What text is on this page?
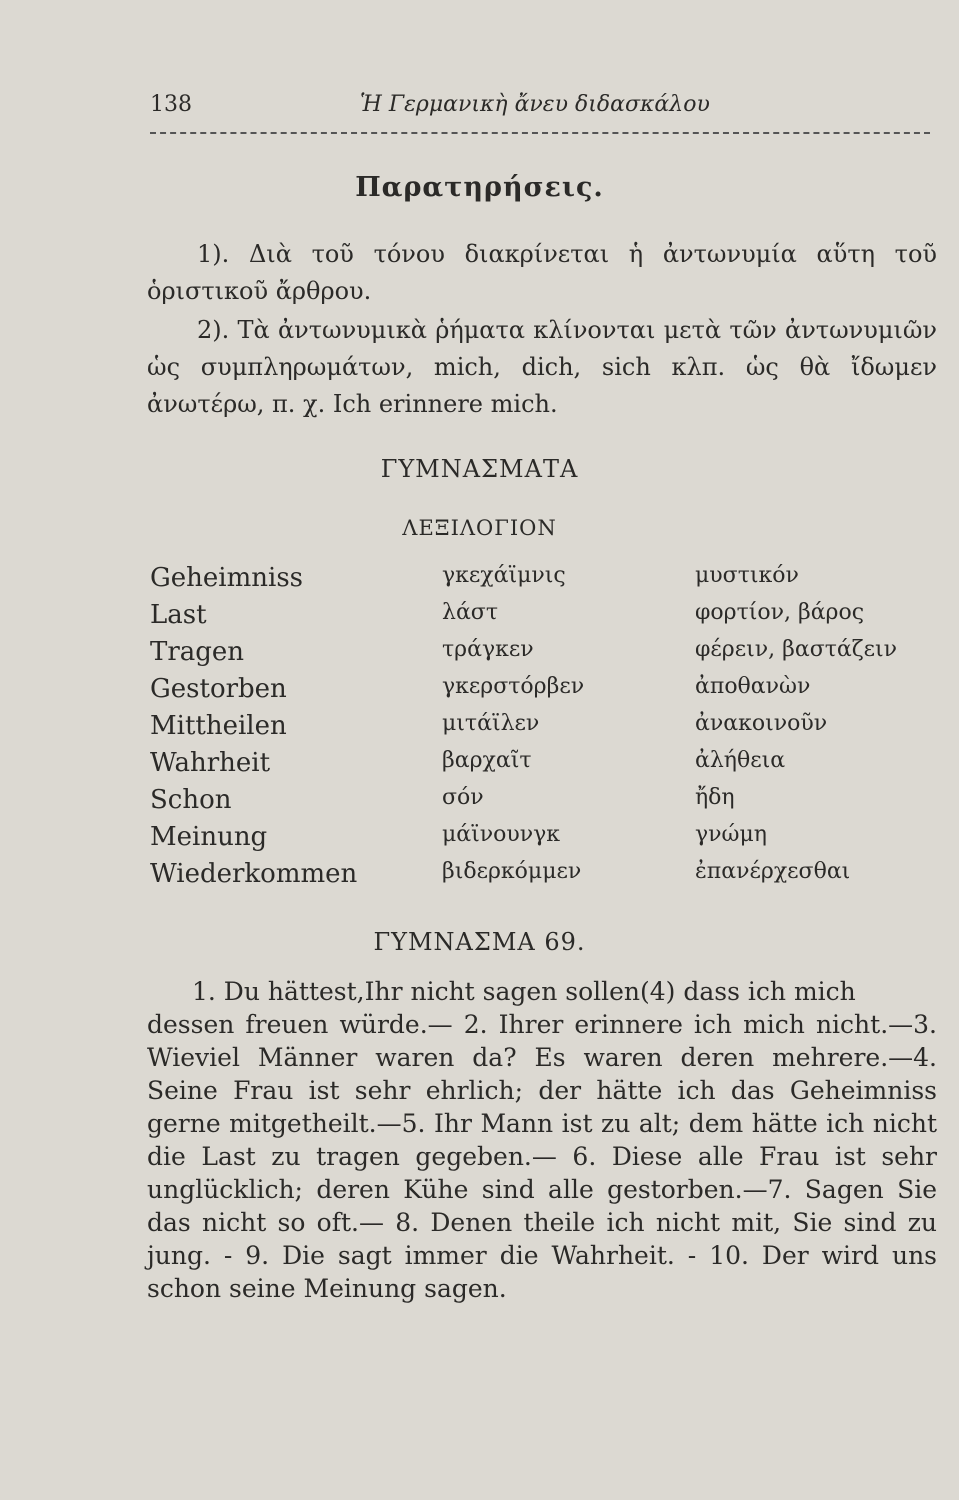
138	Ἡ Γερμανικὴ ἄνευ διδασκάλου
Παρατηρήσεις.
1). Διὰ τοῦ τόνου διακρίνεται ἡ ἀντωνυμία αὕτη τοῦ ὁριστικοῦ ἄρθρου.
2). Τὰ ἀντωνυμικὰ ῥήματα κλίνονται μετὰ τῶν ἀντωνυμιῶν ὡς συμπληρωμάτων, mich, dich, sich κλπ. ὡς θὰ ἴδωμεν ἀνωτέρω, π. χ. Ich erinnere mich.
ΓΥΜΝΑΣΜΑΤΑ
ΛΕΞΙΛΟΓΙΟΝ
Geheimniss	γκεχάϊμνις	μυστικόν
Last	λάστ	φορτίον, βάρος
Tragen	τράγκεν	φέρειν, βαστάζειν
Gestorben	γκερστόρβεν	ἀποθανὼν
Mittheilen	μιτάϊλεν	ἀνακοινοῦν
Wahrheit	βαρχαῖτ	ἀλήθεια
Schon	σόν	ἤδη
Meinung	μάϊνουνγκ	γνώμη
Wiederkommen	βιδερκόμμεν	ἐπανέρχεσθαι
ΓΥΜΝΑΣΜΑ 69.
1. Du hättest,Ihr nicht sagen sollen(4) dass ich mich
dessen freuen würde.— 2. Ihrer erinnere ich mich nicht.—3. Wieviel Männer waren da? Es waren deren mehrere.—4. Seine Frau ist sehr ehrlich; der hätte ich das Geheimniss gerne mitgetheilt.—5. Ihr Mann ist zu alt; dem hätte ich nicht die Last zu tragen gegeben.— 6. Diese alle Frau ist sehr unglücklich; deren Kühe sind alle gestorben.—7. Sagen Sie das nicht so oft.— 8. Denen theile ich nicht mit, Sie sind zu jung. - 9. Die sagt immer die Wahrheit. - 10. Der wird uns schon seine Meinung sagen.
